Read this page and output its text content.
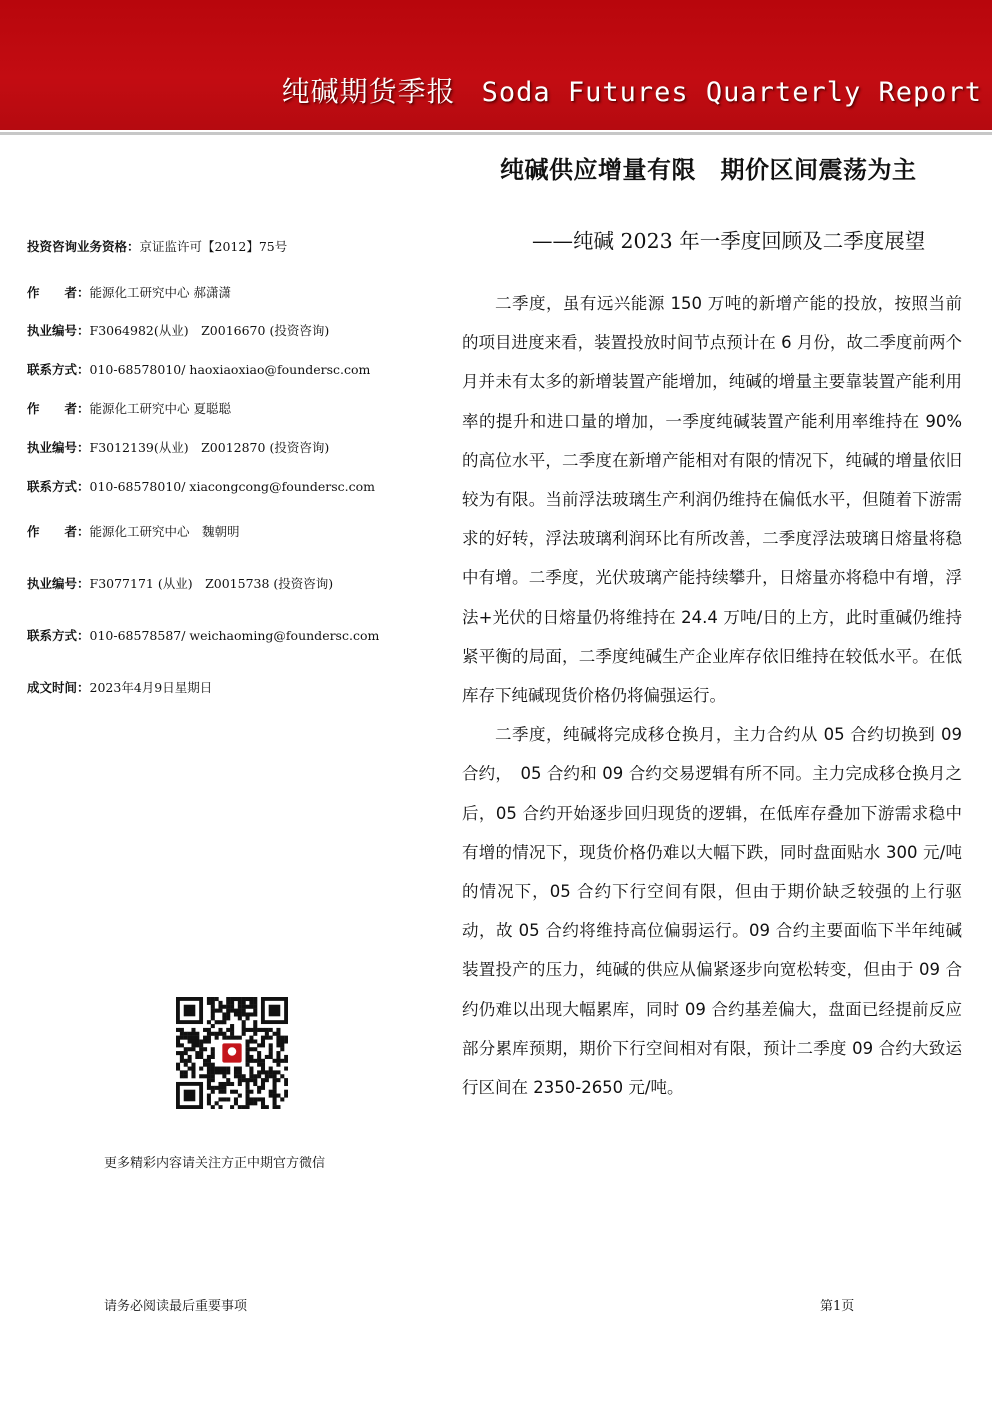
纯碱期货季报 Soda Futures Quarterly Report
纯碱供应增量有限　期价区间震荡为主
——纯碱 2023 年一季度回顾及二季度展望
投资咨询业务资格：京证监许可【2012】75号
作　　者：能源化工研究中心 郝潇潇
执业编号：F3064982(从业)　Z0016670 (投资咨询)
联系方式：010-68578010/ haoxiaoxiao@foundersc.com
作　　者：能源化工研究中心 夏聪聪
执业编号：F3012139(从业)　Z0012870 (投资咨询)
联系方式：010-68578010/ xiacongcong@foundersc.com
作　　者：能源化工研究中心　魏朝明
执业编号：F3077171 (从业)　Z0015738 (投资咨询)
联系方式：010-68578587/ weichaoming@foundersc.com
成文时间：2023年4月9日星期日

二季度，虽有远兴能源 150 万吨的新增产能的投放，按照当前的项目进度来看，装置投放时间节点预计在 6 月份，故二季度前两个月并未有太多的新增装置产能增加，纯碱的增量主要靠装置产能利用率的提升和进口量的增加，一季度纯碱装置产能利用率维持在 90%的高位水平，二季度在新增产能相对有限的情况下，纯碱的增量依旧较为有限。当前浮法玻璃生产利润仍维持在偏低水平，但随着下游需求的好转，浮法玻璃利润环比有所改善，二季度浮法玻璃日熔量将稳中有增。二季度，光伏玻璃产能持续攀升，日熔量亦将稳中有增，浮法+光伏的日熔量仍将维持在 24.4 万吨/日的上方，此时重碱仍维持紧平衡的局面，二季度纯碱生产企业库存依旧维持在较低水平。在低库存下纯碱现货价格仍将偏强运行。

二季度，纯碱将完成移仓换月，主力合约从 05 合约切换到 09 合约，　05 合约和 09 合约交易逻辑有所不同。主力完成移仓换月之后，05 合约开始逐步回归现货的逻辑，在低库存叠加下游需求稳中有增的情况下，现货价格仍难以大幅下跌，同时盘面贴水 300 元/吨的情况下，05 合约下行空间有限，但由于期价缺乏较强的上行驱动，故 05 合约将维持高位偏弱运行。09 合约主要面临下半年纯碱装置投产的压力，纯碱的供应从偏紧逐步向宽松转变，但由于 09 合约仍难以出现大幅累库，同时 09 合约基差偏大，盘面已经提前反应部分累库预期，期价下行空间相对有限，预计二季度 09 合约大致运行区间在 2350-2650 元/吨。

更多精彩内容请关注方正中期官方微信
请务必阅读最后重要事项	第1页
